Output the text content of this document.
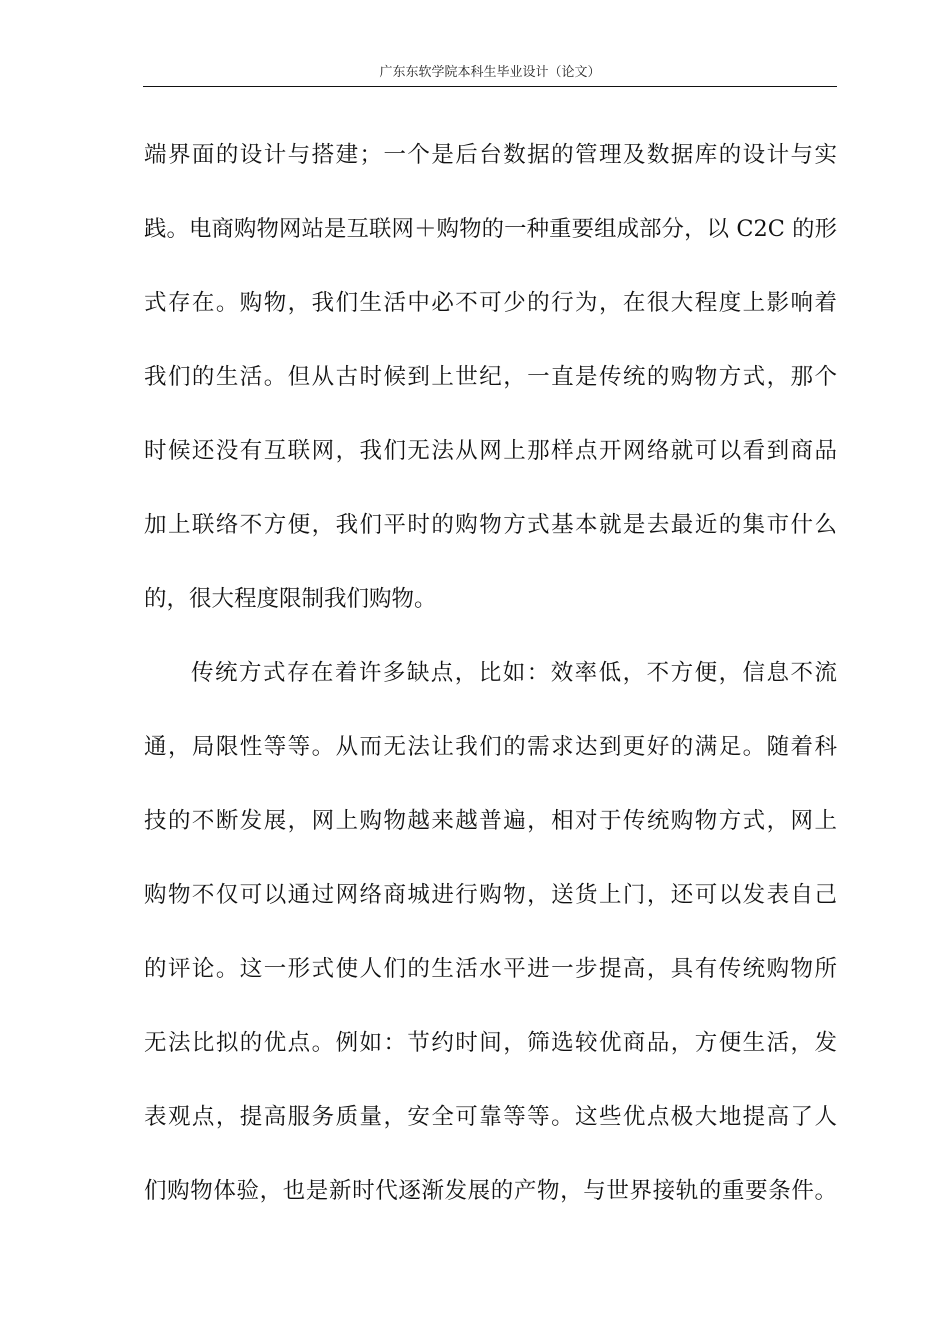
广东东软学院本科生毕业设计（论文）
端界面的设计与搭建；一个是后台数据的管理及数据库的设计与实
践。电商购物网站是互联网＋购物的一种重要组成部分，以 C2C 的形
式存在。购物，我们生活中必不可少的行为，在很大程度上影响着
我们的生活。但从古时候到上世纪，一直是传统的购物方式，那个
时候还没有互联网，我们无法从网上那样点开网络就可以看到商品
加上联络不方便，我们平时的购物方式基本就是去最近的集市什么
的，很大程度限制我们购物。
传统方式存在着许多缺点，比如：效率低，不方便，信息不流
通，局限性等等。从而无法让我们的需求达到更好的满足。随着科
技的不断发展，网上购物越来越普遍，相对于传统购物方式，网上
购物不仅可以通过网络商城进行购物，送货上门，还可以发表自己
的评论。这一形式使人们的生活水平进一步提高，具有传统购物所
无法比拟的优点。例如：节约时间，筛选较优商品，方便生活，发
表观点，提高服务质量，安全可靠等等。这些优点极大地提高了人
们购物体验，也是新时代逐渐发展的产物，与世界接轨的重要条件。
